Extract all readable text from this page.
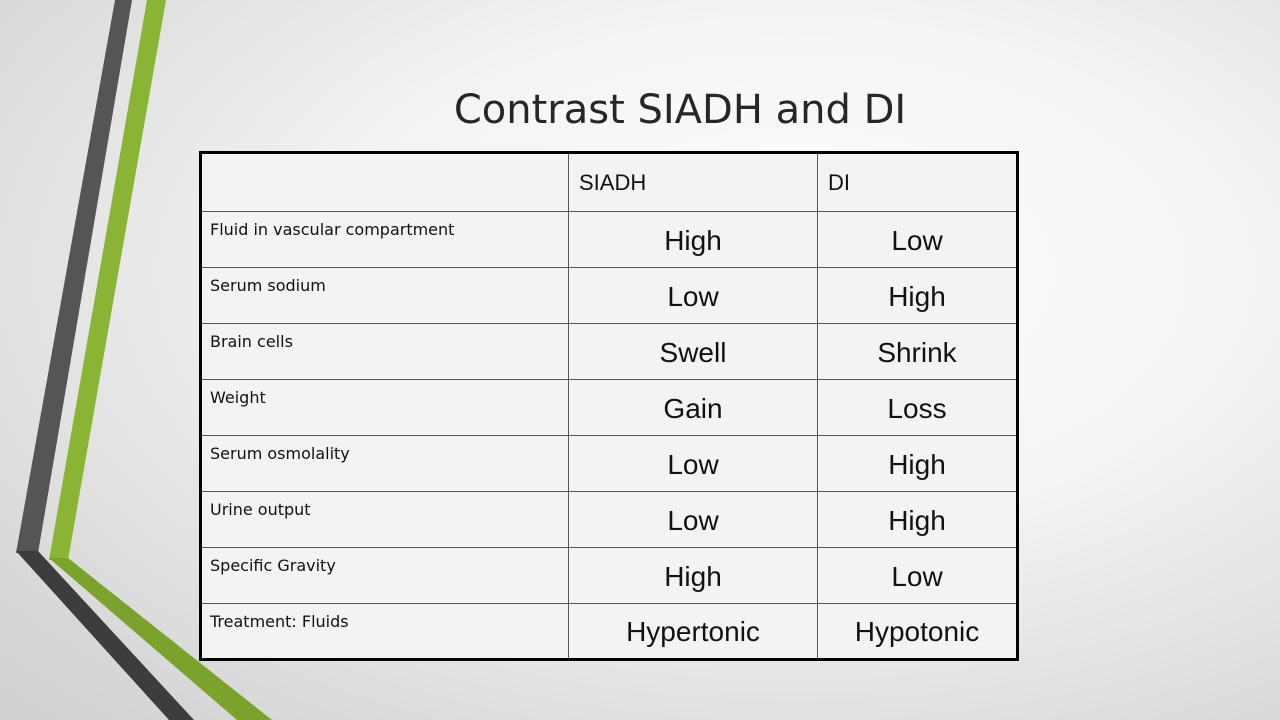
Contrast SIADH and DI
	SIADH	DI
Fluid in vascular compartment	High	Low
Serum sodium	Low	High
Brain cells	Swell	Shrink
Weight	Gain	Loss
Serum osmolality	Low	High
Urine output	Low	High
Specific Gravity	High	Low
Treatment: Fluids	Hypertonic	Hypotonic
